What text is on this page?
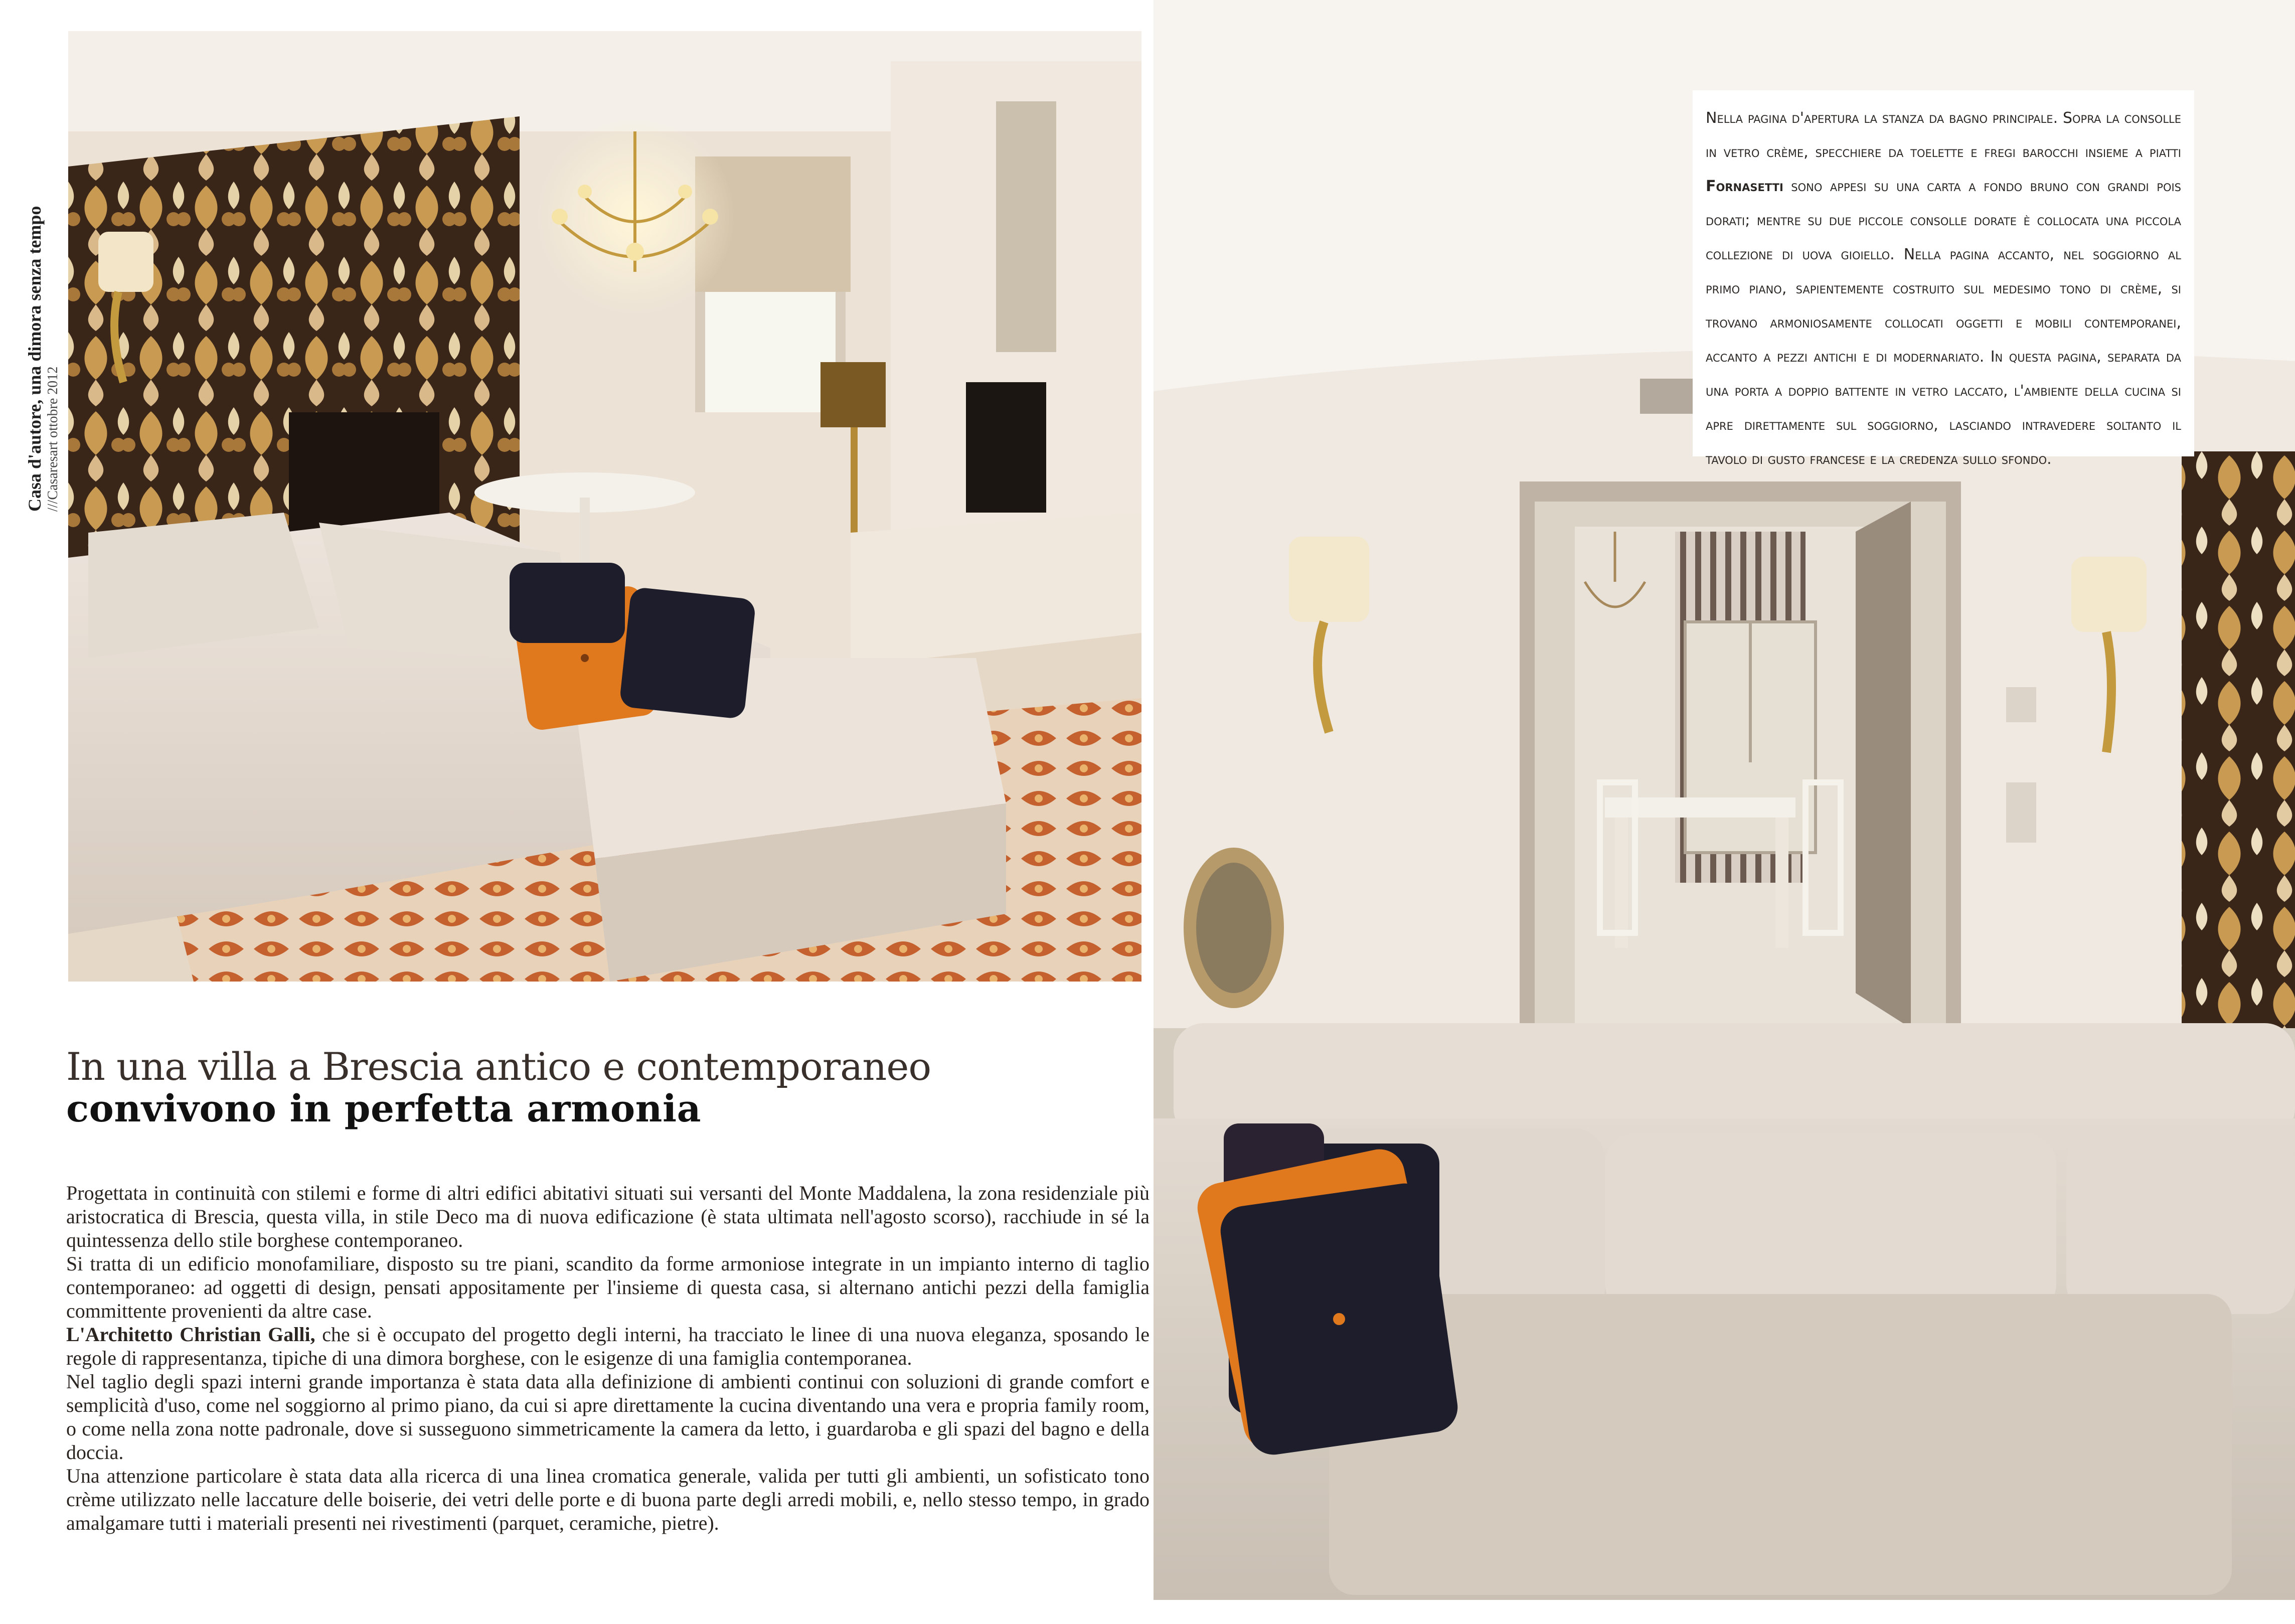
Casa d'autore, una dimora senza tempo ///Casaresart ottobre 2012
In una villa a Brescia antico e contemporaneo
convivono in perfetta armonia

Progettata in continuità con stilemi e forme di altri edifici abitativi situati sui versanti del Monte Maddalena, la zona residenziale più aristocratica di Brescia, questa villa, in stile Deco ma di nuova edificazione (è stata ultimata nell'agosto scorso), racchiude in sé la quintessenza dello stile borghese contemporaneo.

Si tratta di un edificio monofamiliare, disposto su tre piani, scandito da forme armoniose integrate in un impianto interno di taglio contemporaneo: ad oggetti di design, pensati appositamente per l'insieme di questa casa, si alternano antichi pezzi della famiglia committente provenienti da altre case.

L'Architetto Christian Galli, che si è occupato del progetto degli interni, ha tracciato le linee di una nuova eleganza, sposando le regole di rappresentanza, tipiche di una dimora borghese, con le esigenze di una famiglia contemporanea.

Nel taglio degli spazi interni grande importanza è stata data alla definizione di ambienti continui con soluzioni di grande comfort e semplicità d'uso, come nel soggiorno al primo piano, da cui si apre direttamente la cucina diventando una vera e propria family room, o come nella zona notte padronale, dove si susseguono simmetricamente la camera da letto, i guardaroba e gli spazi del bagno e della doccia.

Una attenzione particolare è stata data alla ricerca di una linea cromatica generale, valida per tutti gli ambienti, un sofisticato tono crème utilizzato nelle laccature delle boiserie, dei vetri delle porte e di buona parte degli arredi mobili, e, nello stesso tempo, in grado amalgamare tutti i materiali presenti nei rivestimenti (parquet, ceramiche, pietre).

Nella pagina d'apertura la stanza da bagno principale. Sopra la consolle in vetro crème, specchiere da toelette e fregi barocchi insieme a piatti Fornasetti sono appesi su una carta a fondo bruno con grandi pois dorati; mentre su due piccole consolle dorate è collocata una piccola collezione di uova gioiello. Nella pagina accanto, nel soggiorno al primo piano, sapientemente costruito sul medesimo tono di crème, si trovano armoniosamente collocati oggetti e mobili contemporanei, accanto a pezzi antichi e di modernariato. In questa pagina, separata da una porta a doppio battente in vetro laccato, l'ambiente della cucina si apre direttamente sul soggiorno, lasciando intravedere soltanto il tavolo di gusto francese e la credenza sullo sfondo.
